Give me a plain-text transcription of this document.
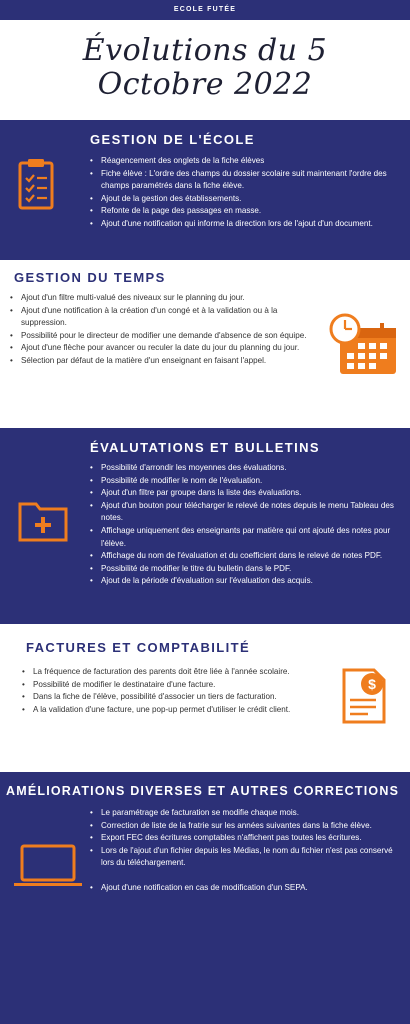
ECOLE FUTÉE
Évolutions du 5
Octobre 2022
GESTION DE L'ÉCOLE
• Réagencement des onglets de la fiche élèves
• Fiche élève : L'ordre des champs du dossier scolaire suit maintenant l'ordre des champs paramétrés dans la fiche élève.
• Ajout de la gestion des établissements.
• Refonte de la page des passages en masse.
• Ajout d'une notification qui informe la direction lors de l'ajout d'un document.
GESTION DU TEMPS
• Ajout d'un filtre multi-valué des niveaux sur le planning du jour.
• Ajout d'une notification à la création d'un congé et à la validation ou à la suppression.
• Possibilité pour le directeur de modifier une demande d'absence de son équipe.
• Ajout d'une flèche pour avancer ou reculer la date du jour du planning du jour.
• Sélection par défaut de la matière d'un enseignant en faisant l'appel.
ÉVALUTATIONS ET BULLETINS
• Possibilité d'arrondir les moyennes des évaluations.
• Possibilité de modifier le nom de l'évaluation.
• Ajout d'un filtre par groupe dans la liste des évaluations.
• Ajout d'un bouton pour télécharger le relevé de notes depuis le menu Tableau des notes.
• Affichage uniquement des enseignants par matière qui ont ajouté des notes pour l'élève.
• Affichage du nom de l'évaluation et du coefficient dans le relevé de notes PDF.
• Possibilité de modifier le titre du bulletin dans le PDF.
• Ajout de la période d'évaluation sur l'évaluation des acquis.
FACTURES ET COMPTABILITÉ
• La fréquence de facturation des parents doit être liée à l'année scolaire.
• Possibilité de modifier le destinataire d'une facture.
• Dans la fiche de l'élève, possibilité d'associer un tiers de facturation.
• A la validation d'une facture, une pop-up permet d'utiliser le crédit client.
$
AMÉLIORATIONS DIVERSES ET AUTRES CORRECTIONS
• Le paramétrage de facturation se modifie chaque mois.
• Correction de liste de la fratrie sur les années suivantes dans la fiche élève.
• Export FEC des écritures comptables n'affichent pas toutes les écritures.
• Lors de l'ajout d'un fichier depuis les Médias, le nom du fichier n'est pas conservé lors du téléchargement.
• Ajout d'une notification en cas de modification d'un SEPA.
